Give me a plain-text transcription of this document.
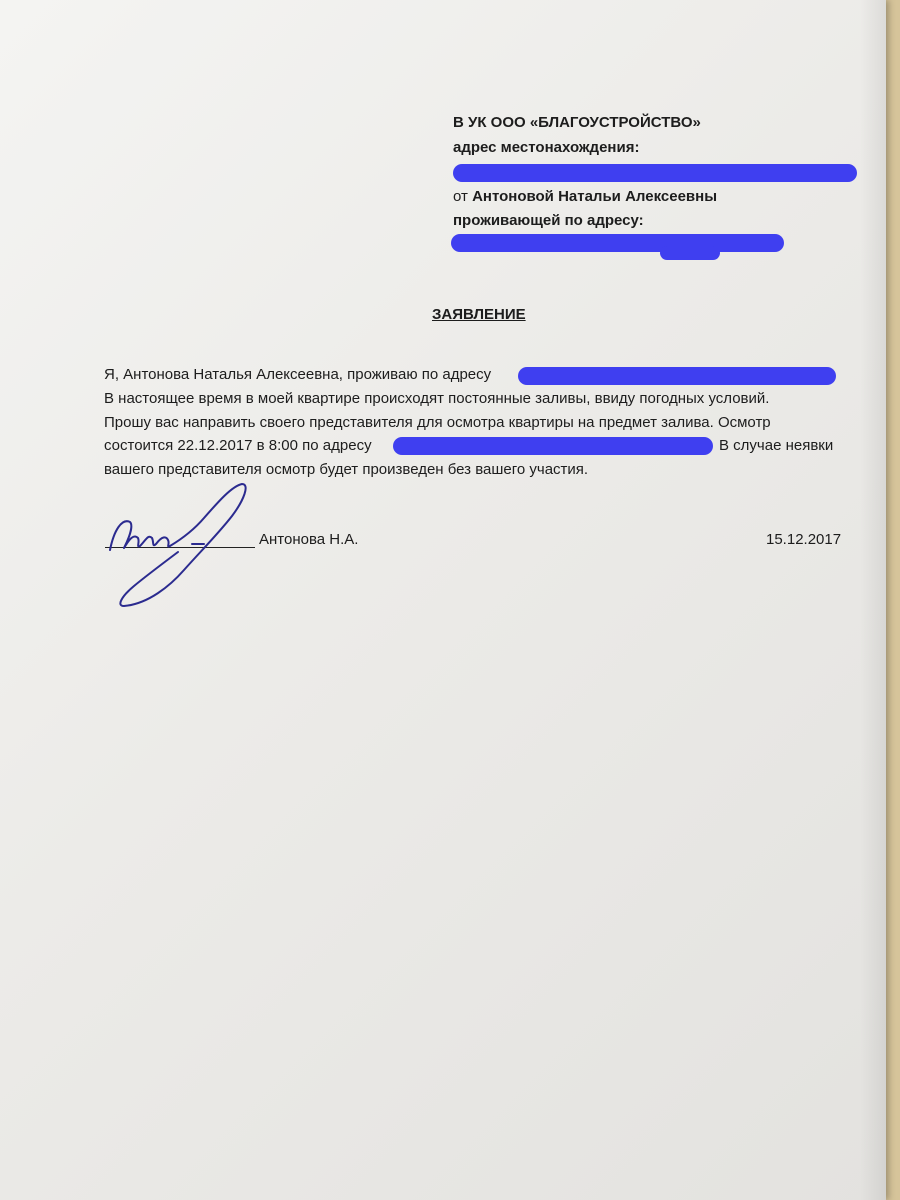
В УК ООО «БЛАГОУСТРОЙСТВО»
адрес местонахождения:
от Антоновой Натальи Алексеевны
проживающей по адресу:
ЗАЯВЛЕНИЕ
Я, Антонова Наталья Алексеевна, проживаю по адресу
В настоящее время в моей квартире происходят постоянные заливы, ввиду погодных условий.
Прошу вас направить своего представителя для осмотра квартиры на предмет залива. Осмотр
состоится 22.12.2017 в 8:00 по адресу	В случае неявки
вашего представителя осмотр будет произведен без вашего участия.
Антонова Н.А.	15.12.2017
